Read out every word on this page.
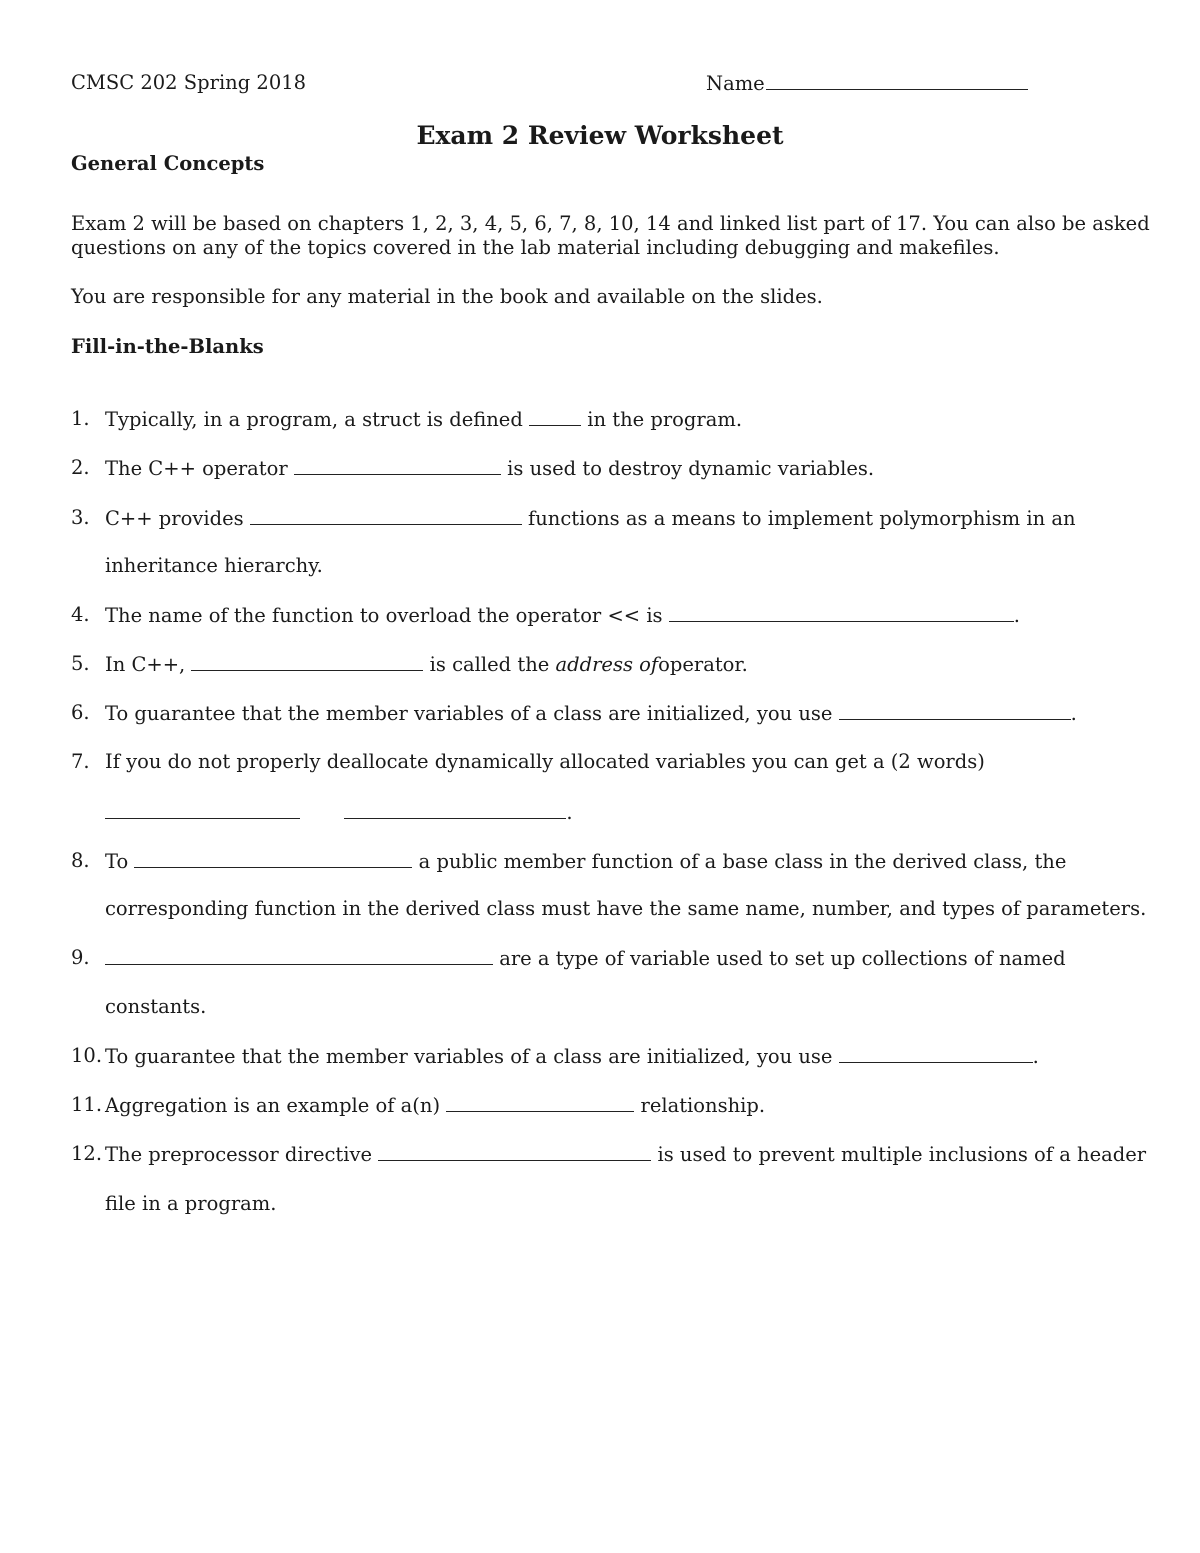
CMSC 202 Spring 2018	Name
Exam 2 Review Worksheet
General Concepts
Exam 2 will be based on chapters 1, 2, 3, 4, 5, 6, 7, 8, 10, 14 and linked list part of 17. You can also be asked
questions on any of the topics covered in the lab material including debugging and makefiles.
You are responsible for any material in the book and available on the slides.
Fill-in-the-Blanks
1. Typically, in a program, a struct is defined	in the program.
2. The C++ operator	is used to destroy dynamic variables.
3. C++ provides	functions as a means to implement polymorphism in an
inheritance hierarchy.
4. The name of the function to overload the operator << is	.
5. In C++,	is called the address ofoperator.
6. To guarantee that the member variables of a class are initialized, you use	.
7. If you do not properly deallocate dynamically allocated variables you can get a (2 words)
.
8. To	a public member function of a base class in the derived class, the
corresponding function in the derived class must have the same name, number, and types of parameters.
9.	are a type of variable used to set up collections of named
constants.
10. To guarantee that the member variables of a class are initialized, you use	.
11. Aggregation is an example of a(n)	relationship.
12. The preprocessor directive	is used to prevent multiple inclusions of a header
file in a program.
